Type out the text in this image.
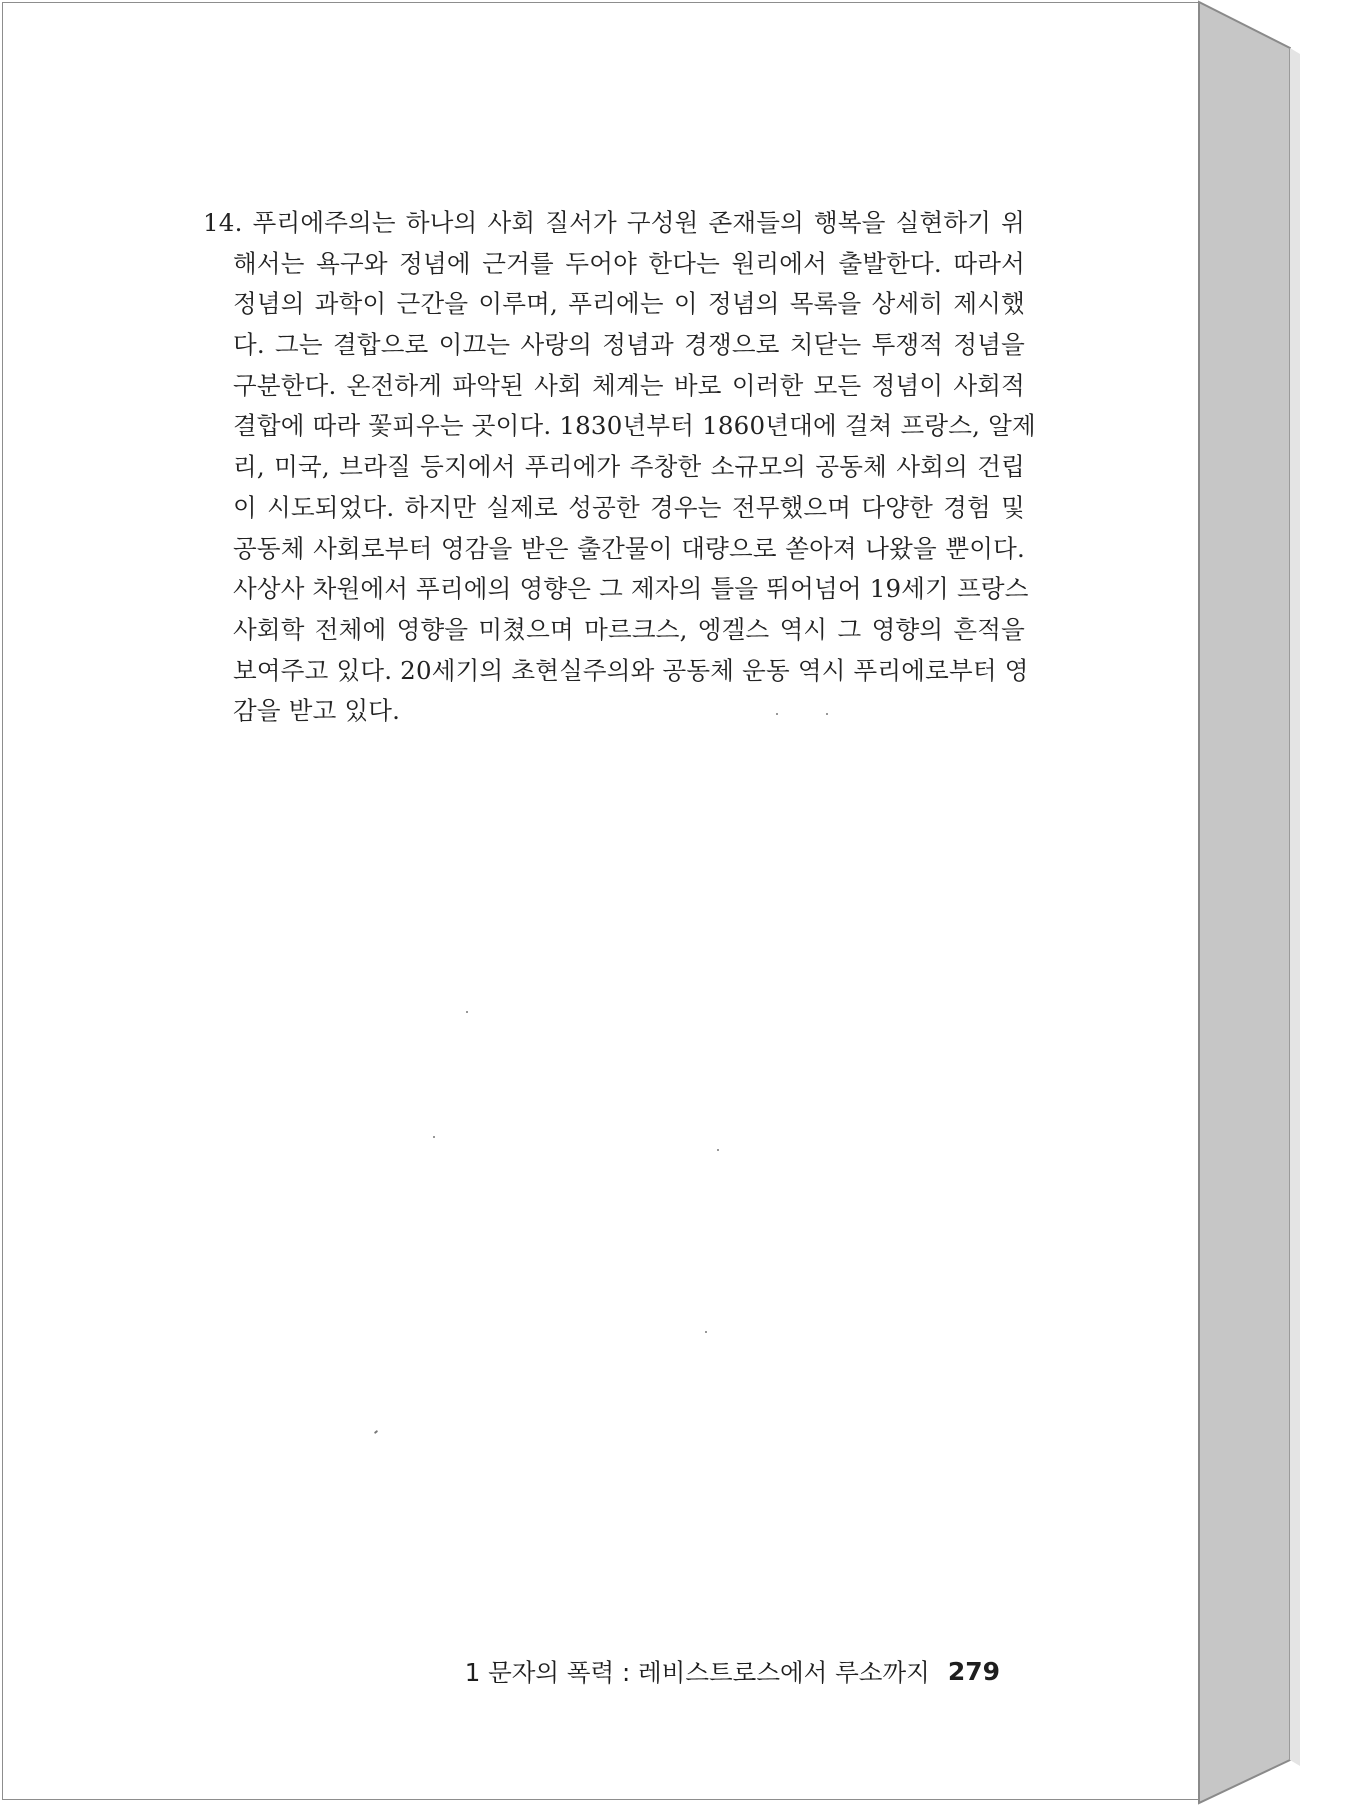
14. 푸리에주의는 하나의 사회 질서가 구성원 존재들의 행복을 실현하기 위
해서는 욕구와 정념에 근거를 두어야 한다는 원리에서 출발한다. 따라서
정념의 과학이 근간을 이루며, 푸리에는 이 정념의 목록을 상세히 제시했
다. 그는 결합으로 이끄는 사랑의 정념과 경쟁으로 치닫는 투쟁적 정념을
구분한다. 온전하게 파악된 사회 체계는 바로 이러한 모든 정념이 사회적
결합에 따라 꽃피우는 곳이다. 1830년부터 1860년대에 걸쳐 프랑스, 알제
리, 미국, 브라질 등지에서 푸리에가 주창한 소규모의 공동체 사회의 건립
이 시도되었다. 하지만 실제로 성공한 경우는 전무했으며 다양한 경험 및
공동체 사회로부터 영감을 받은 출간물이 대량으로 쏟아져 나왔을 뿐이다.
사상사 차원에서 푸리에의 영향은 그 제자의 틀을 뛰어넘어 19세기 프랑스
사회학 전체에 영향을 미쳤으며 마르크스, 엥겔스 역시 그 영향의 흔적을
보여주고 있다. 20세기의 초현실주의와 공동체 운동 역시 푸리에로부터 영
감을 받고 있다.
1 문자의 폭력 : 레비스트로스에서 루소까지 279
